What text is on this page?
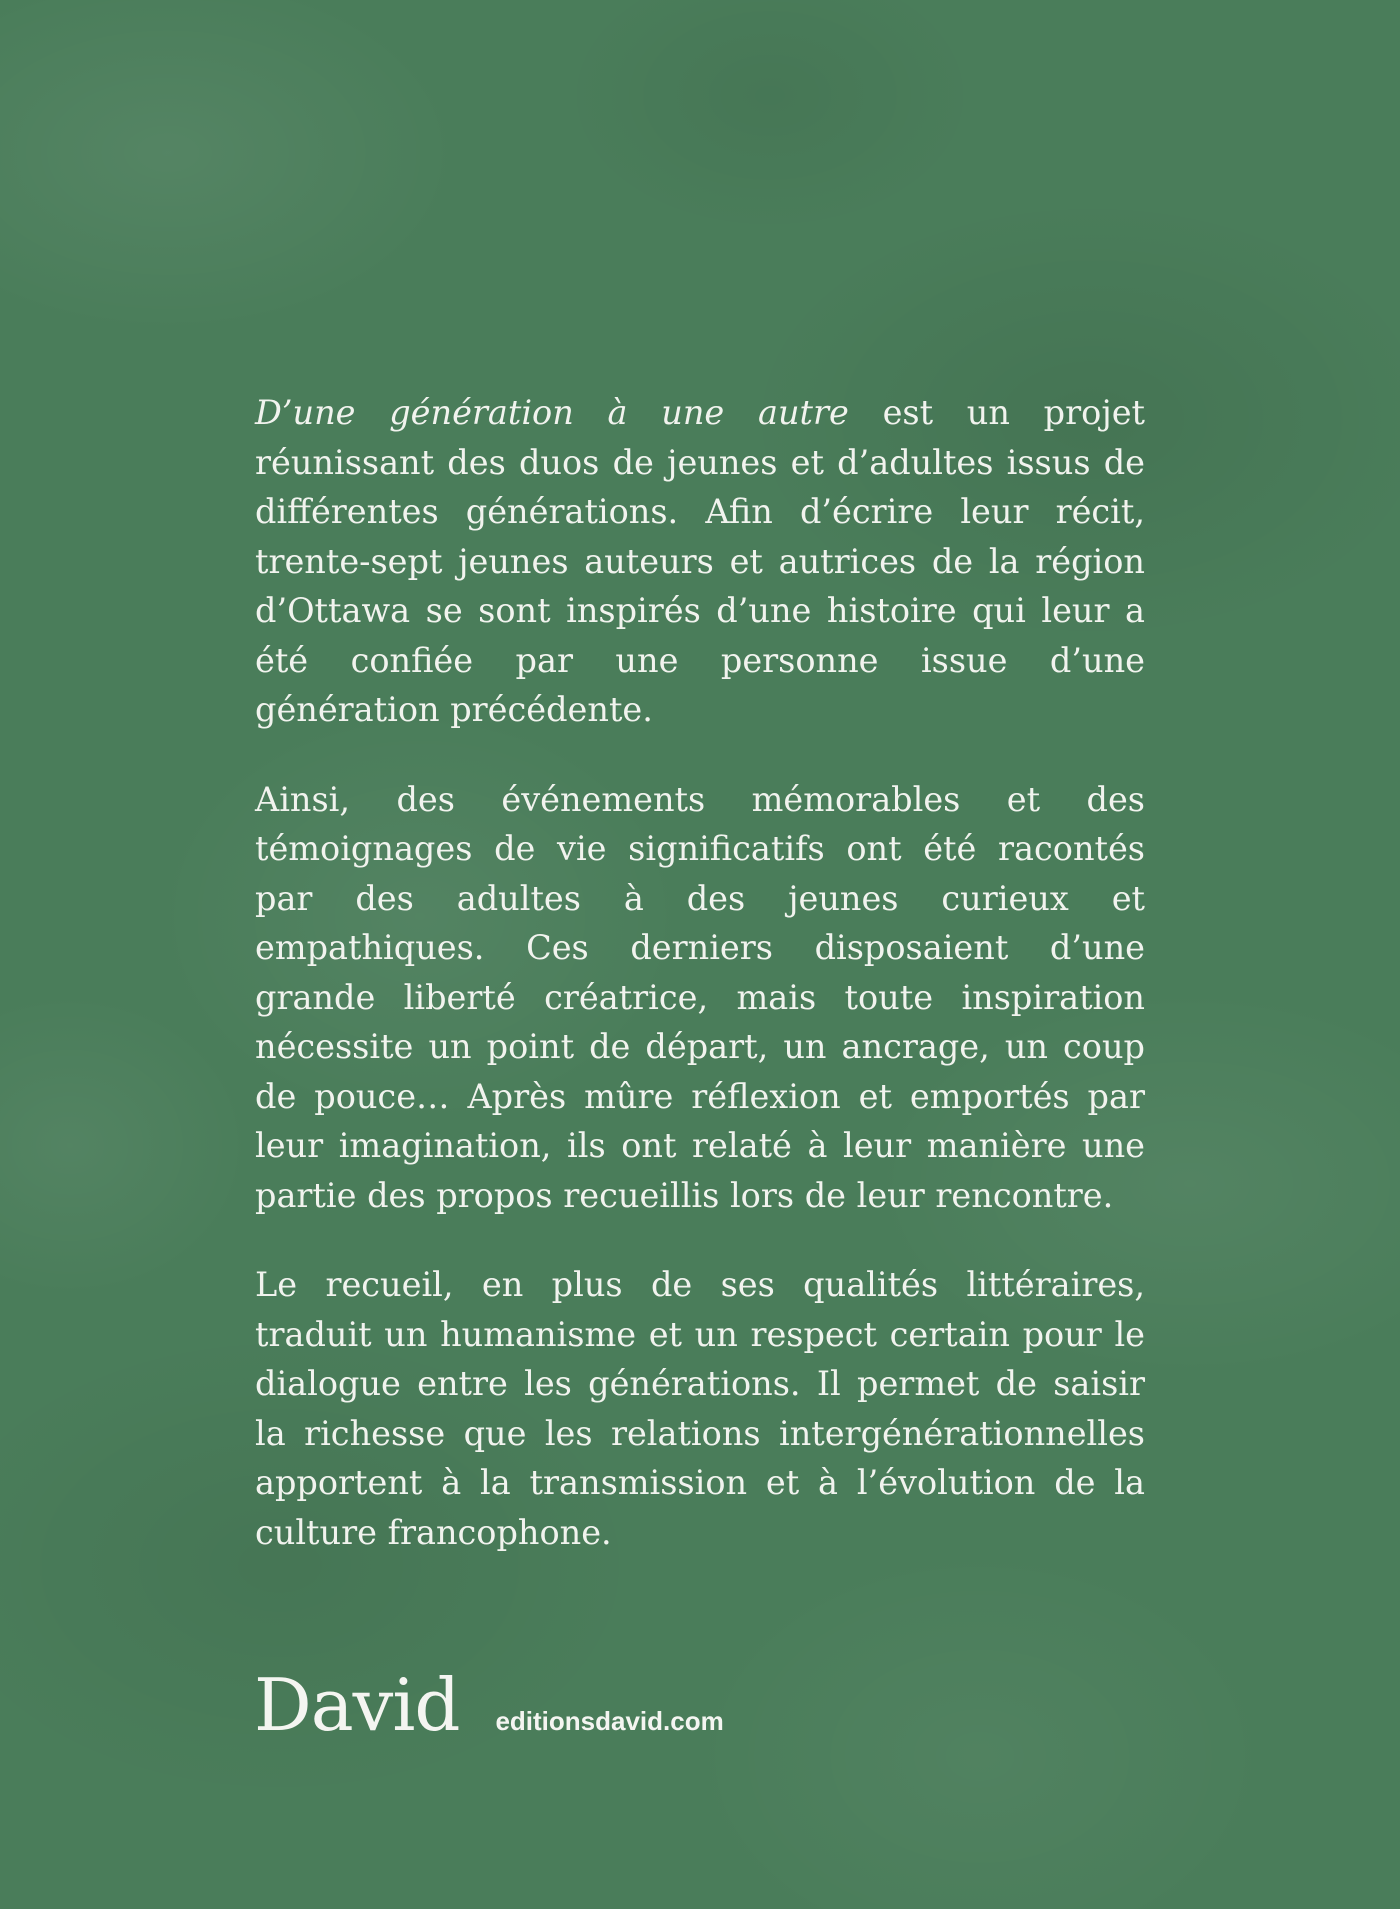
D’une génération à une autre est un projet réunissant des duos de jeunes et d’adultes issus de différentes générations. Afin d’écrire leur récit, trente-sept jeunes auteurs et autrices de la région d’Ottawa se sont inspirés d’une histoire qui leur a été confiée par une personne issue d’une génération précédente.

Ainsi, des événements mémorables et des témoignages de vie significatifs ont été racontés par des adultes à des jeunes curieux et empathiques. Ces derniers disposaient d’une grande liberté créatrice, mais toute inspiration nécessite un point de départ, un ancrage, un coup de pouce… Après mûre réflexion et emportés par leur imagination, ils ont relaté à leur manière une partie des propos recueillis lors de leur rencontre.

Le recueil, en plus de ses qualités littéraires, traduit un humanisme et un respect certain pour le dialogue entre les générations. Il permet de saisir la richesse que les relations intergénérationnelles apportent à la transmission et à l’évolution de la culture francophone.

David editionsdavid.com
